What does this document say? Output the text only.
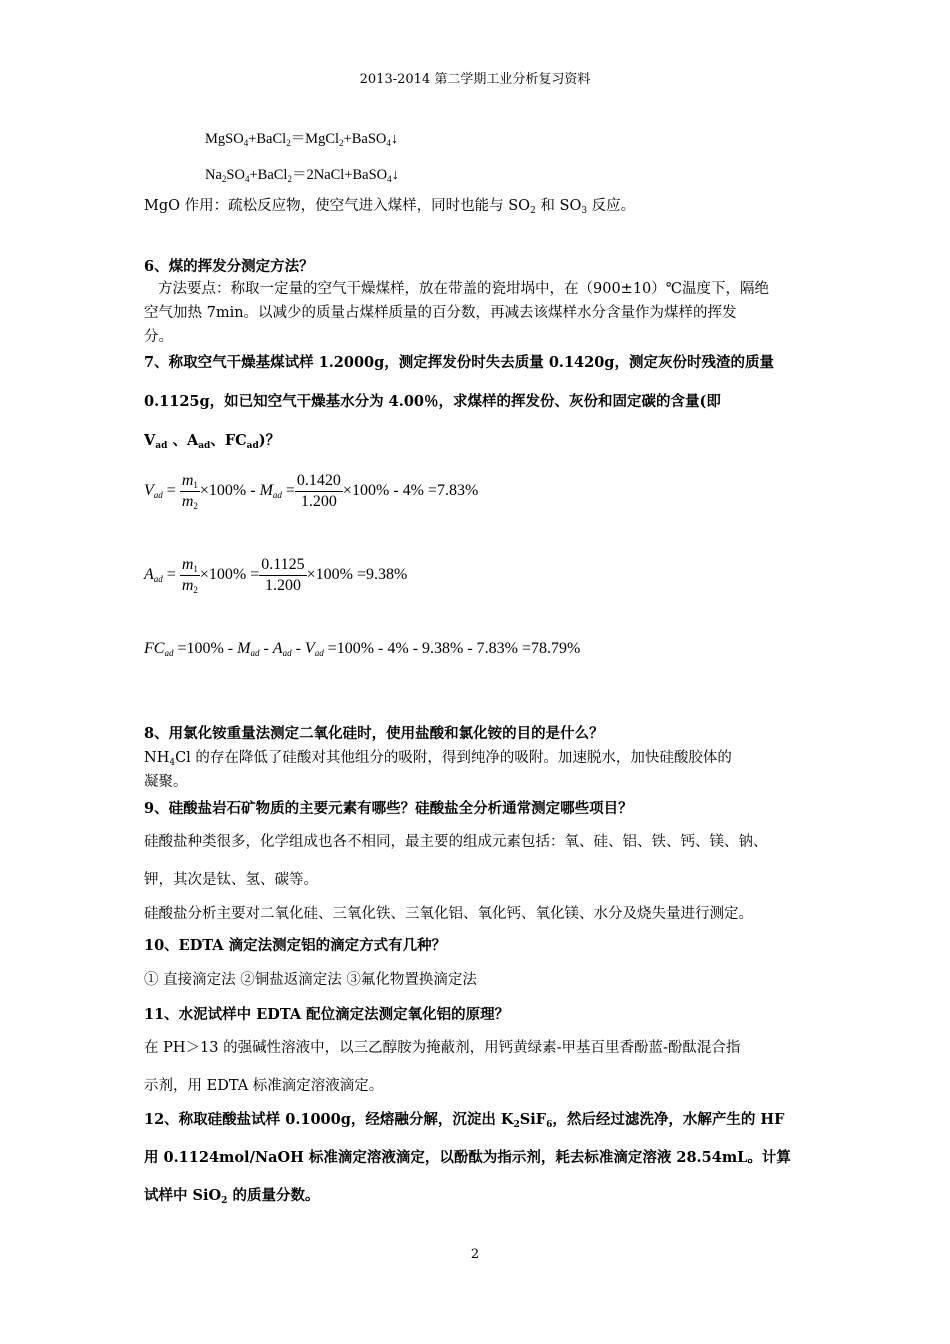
2013-2014 第二学期工业分析复习资料
MgSO$_4$+BaCl$_2$＝MgCl$_2$+BaSO$_4$↓
$Na_2SO_4+BaCl_2=2NaCl+BaSO_4↓$
MgO 作用：疏松反应物，使空气进入煤样，同时也能与 $SO_2$ 和 $SO_3$ 反应。
6、煤的挥发分测定方法？
方法要点：称取一定量的空气干燥煤样，放在带盖的瓷坩埚中，在（900±10）℃温度下，隔绝
空气加热 7min。以减少的质量占煤样质量的百分数，再减去该煤样水分含量作为煤样的挥发
分。
7、称取空气干燥基煤试样 1.2000g，测定挥发份时失去质量 0.1420g，测定灰份时残渣的质量
0.1125g，如已知空气干燥基水分为 4.00％，求煤样的挥发份、灰份和固定碳的含量(即
$V_{ad}$ 、$A_{ad}$、$FC_{ad}$)？
$V_{ad} = \frac{m_1}{m_2} \times 100\% - M_{ad} = \frac{0.1420}{1.200} \times 100\% - 4\% =7.83\%$
$A_{ad} = \frac{m_1}{m_2} \times 100\% = \frac{0.1125}{1.200} \times 100\% =9.38\%$
$FC_{ad} =100\% - M_{ad} - A_{ad} - V_{ad} =100\% - 4\% - 9.38\% - 7.83\% =78.79\%$
8、用氯化铵重量法测定二氧化硅时，使用盐酸和氯化铵的目的是什么？
$NH_4Cl$ 的存在降低了硅酸对其他组分的吸附，得到纯净的吸附。加速脱水，加快硅酸胶体的
凝聚。
9、硅酸盐岩石矿物质的主要元素有哪些？硅酸盐全分析通常测定哪些项目？
硅酸盐种类很多，化学组成也各不相同，最主要的组成元素包括：氧、硅、铝、铁、钙、镁、钠、
钾，其次是钛、氢、碳等。
硅酸盐分析主要对二氧化硅、三氧化铁、三氧化铝、氧化钙、氧化镁、水分及烧失量进行测定。
10、EDTA 滴定法测定铝的滴定方式有几种？
① 直接滴定法 ②铜盐返滴定法 ③氟化物置换滴定法
11、水泥试样中 EDTA 配位滴定法测定氧化铝的原理？
在 PH＞13 的强碱性溶液中，以三乙醇胺为掩蔽剂，用钙黄绿素-甲基百里香酚蓝-酚酞混合指
示剂，用 EDTA 标准滴定溶液滴定。
12、称取硅酸盐试样 0.1000g，经熔融分解，沉淀出 $K_2SiF_6$，然后经过滤洗净，水解产生的 HF
用 0.1124mol/NaOH 标准滴定溶液滴定，以酚酞为指示剂，耗去标准滴定溶液 28.54mL。计算
试样中 SiO$_2$ 的质量分数。
2
